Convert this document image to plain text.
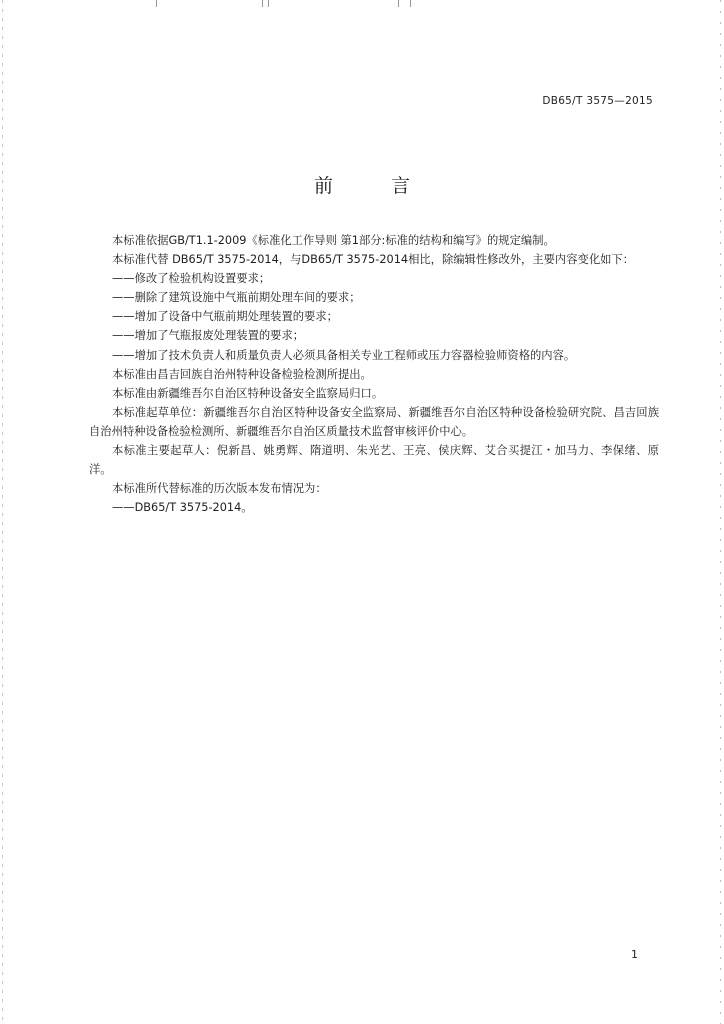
DB65/T 3575—2015
前 言

本标准依据GB/T1.1-2009《标准化工作导则 第1部分:标准的结构和编写》的规定编制。

本标准代替 DB65/T 3575-2014，与DB65/T 3575-2014相比，除编辑性修改外，主要内容变化如下：

——修改了检验机构设置要求；

——删除了建筑设施中气瓶前期处理车间的要求；

——增加了设备中气瓶前期处理装置的要求；

——增加了气瓶报废处理装置的要求；

——增加了技术负责人和质量负责人必须具备相关专业工程师或压力容器检验师资格的内容。

本标准由昌吉回族自治州特种设备检验检测所提出。

本标准由新疆维吾尔自治区特种设备安全监察局归口。

本标准起草单位：新疆维吾尔自治区特种设备安全监察局、新疆维吾尔自治区特种设备检验研究院、昌吉回族自治州特种设备检验检测所、新疆维吾尔自治区质量技术监督审核评价中心。

本标准主要起草人：倪新昌、姚勇辉、隋道明、朱光艺、王亮、侯庆辉、艾合买提江・加马力、李保绪、原洋。

本标准所代替标准的历次版本发布情况为：

——DB65/T 3575-2014。

1
